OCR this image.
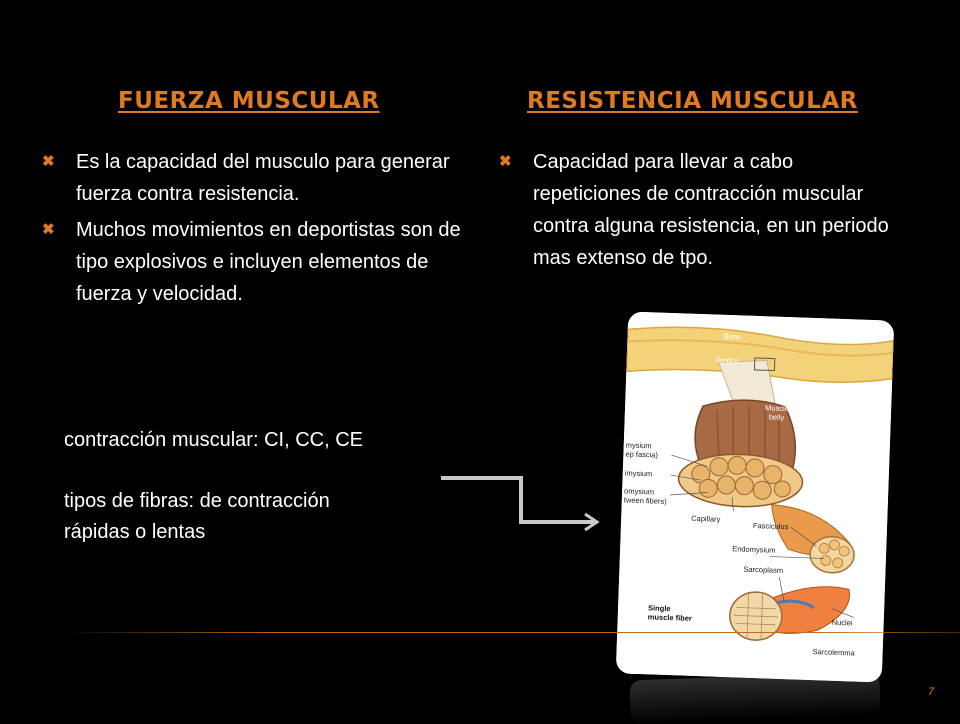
FUERZA MUSCULAR	RESISTENCIA MUSCULAR
✖ Es la capacidad del musculo para generar fuerza contra resistencia.
✖ Muchos movimientos en deportistas son de tipo explosivos e incluyen elementos de fuerza y velocidad.
✖ Capacidad para llevar a cabo repeticiones de contracción muscular contra alguna resistencia, en un periodo mas extenso de tpo.
contracción muscular: CI, CC, CE
tipos de fibras: de contracción
rápidas o lentas
Bone
Tendon
Muscle
belly
mysium
ep fascia)
imysium
omysium
tween fibers)
Capillary
Fasciculus
Endomysium
Sarcoplasm
Single
muscle fiber	Nuclei
Sarcolemma
7
